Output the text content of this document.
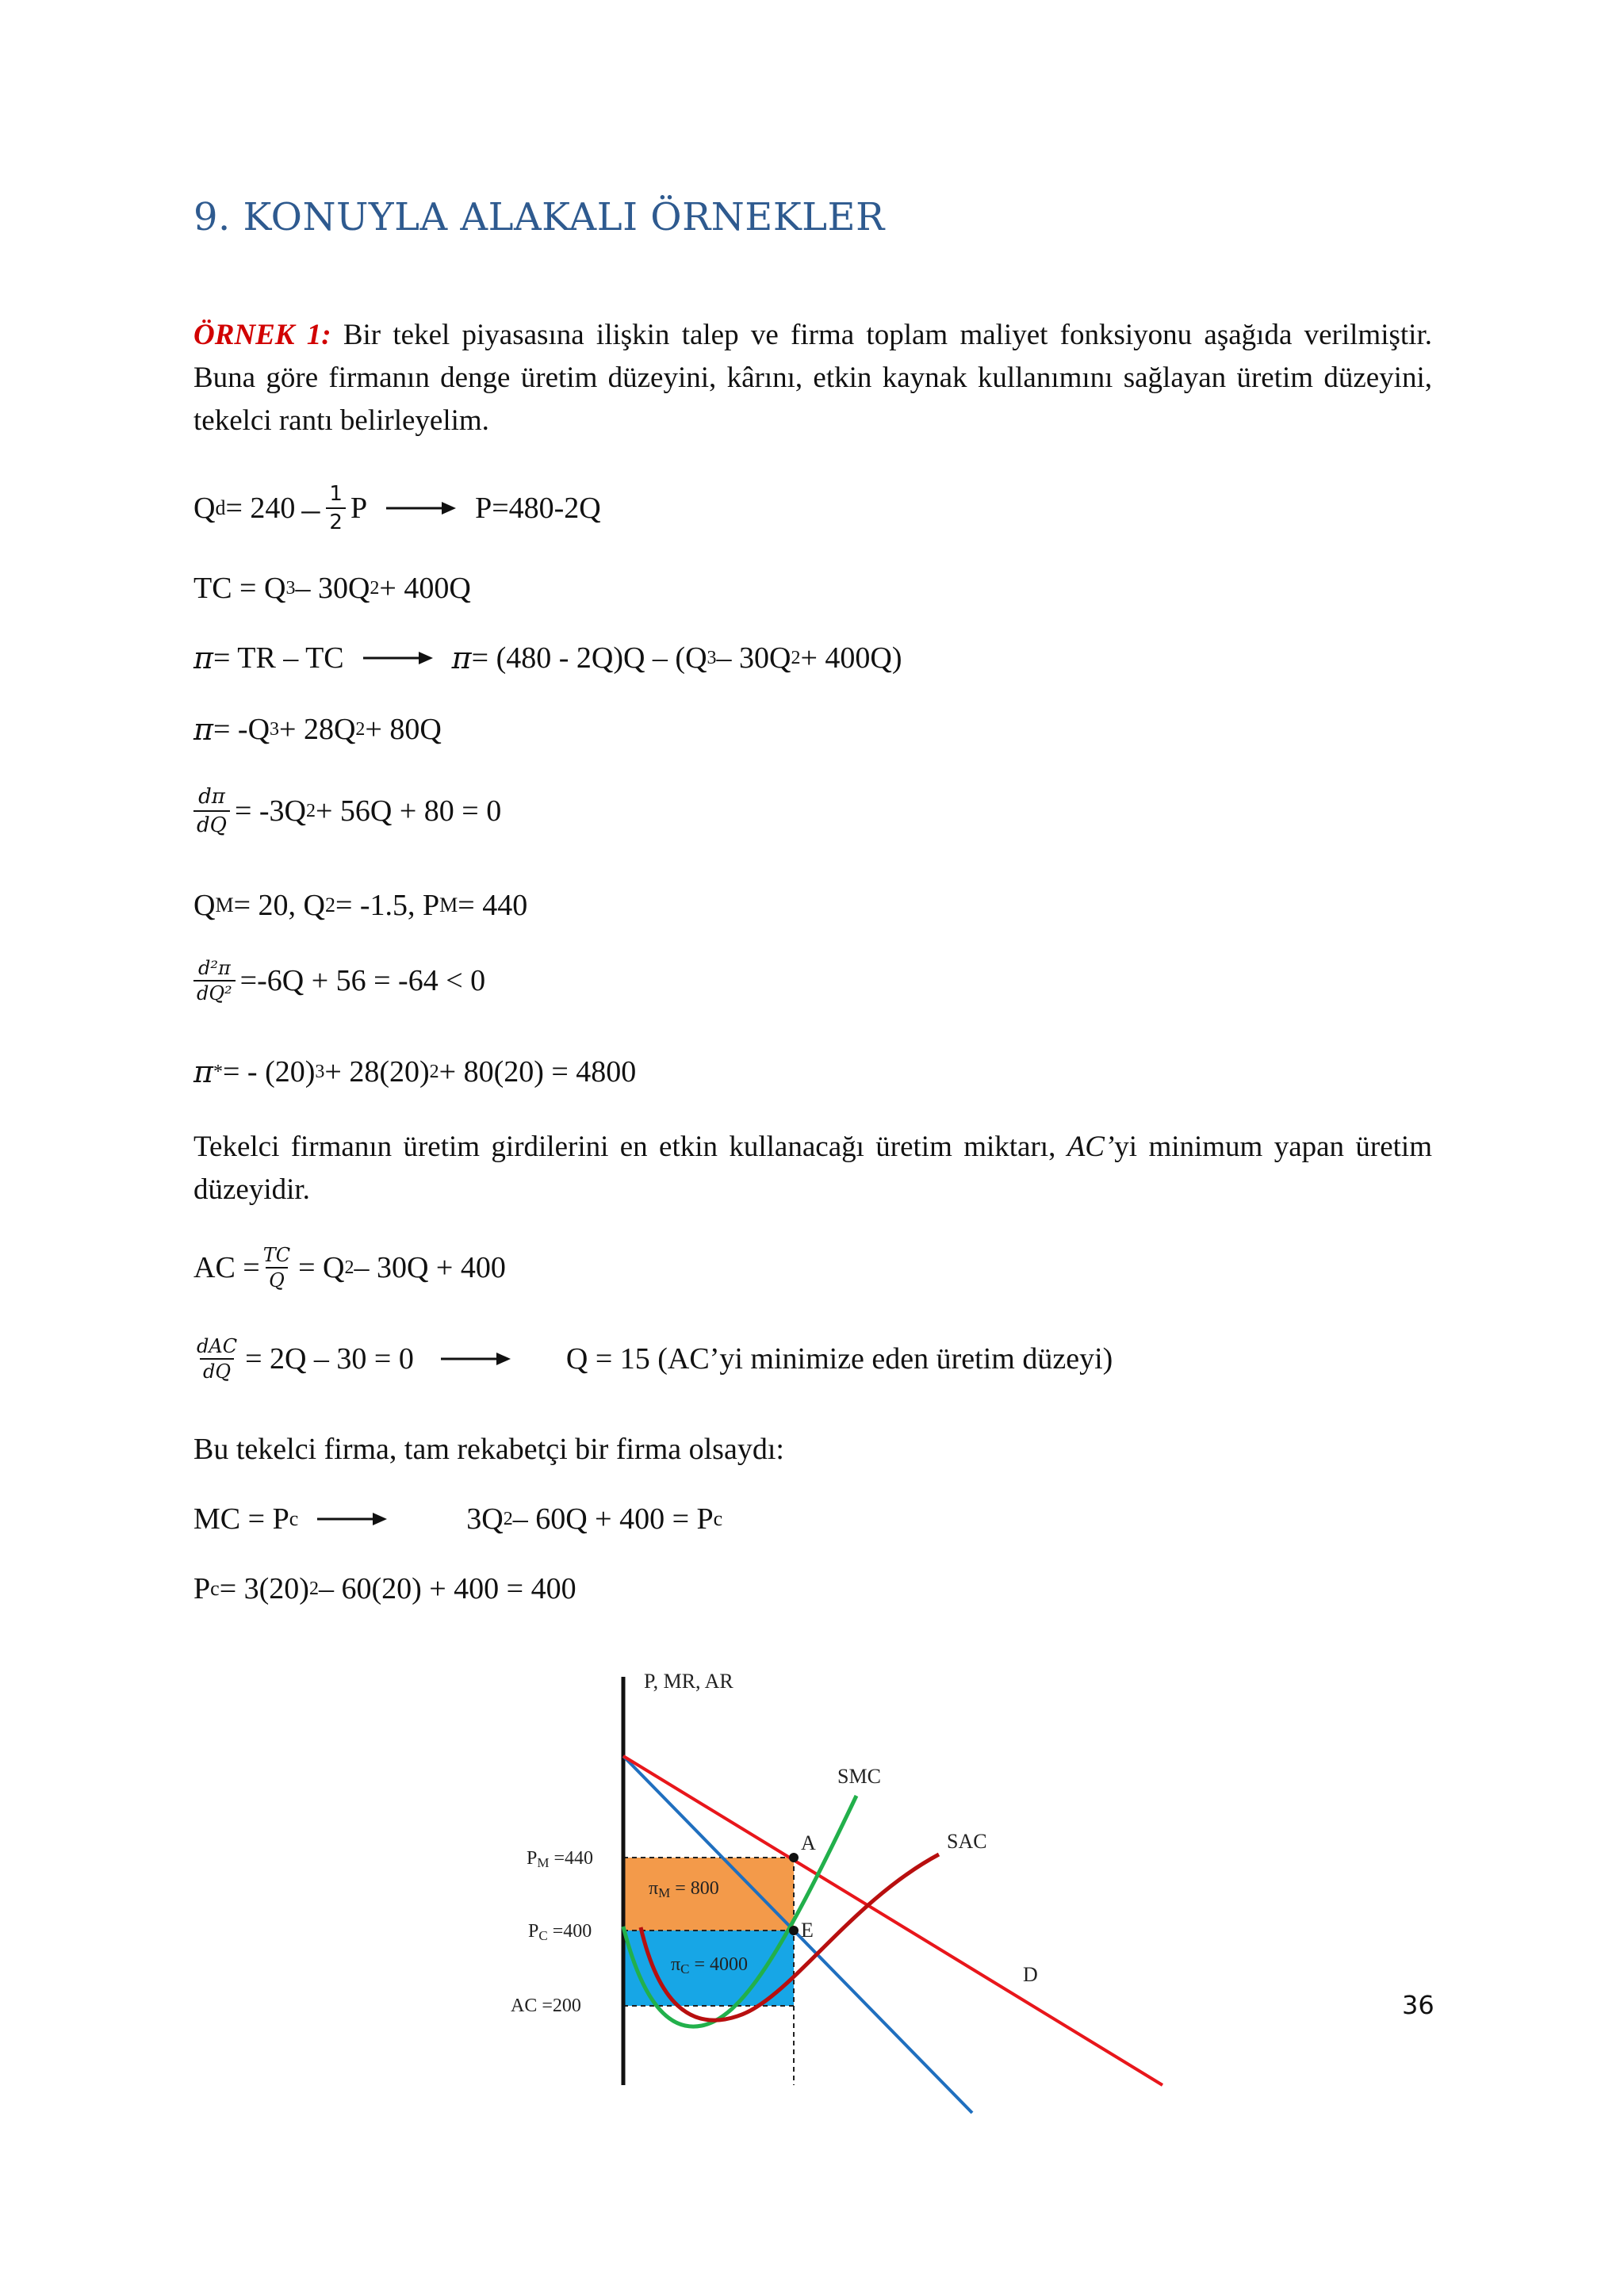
9. KONUYLA ALAKALI ÖRNEKLER
ÖRNEK 1: Bir tekel piyasasına ilişkin talep ve firma toplam maliyet fonksiyonu aşağıda verilmiştir. Buna göre firmanın denge üretim düzeyini, kârını, etkin kaynak kullanımını sağlayan üretim düzeyini, tekelci rantı belirleyelim.
Q $d = 240 - \frac{1}{2}$ P	P=480-2Q
TC = Q 3 – 30Q 2 + 400Q
π = TR – TC	π = (480 - 2Q)Q – (Q 3 – 30Q 2 + 400Q)
π = -Q 3 + 28Q 2 + 80Q
$\frac{d\pi}{dQ} = -3Q$ 2 + 56Q + 80 = 0
Q M = 20, Q 2 = -1.5, P M = 440
$\frac{\text{d²π}}{\text{dQ²}} =-6Q + 56 = -64 < 0$
π * = - (20) 3 + 28(20) 2 + 80(20) = 4800
Tekelci firmanın üretim girdilerini en etkin kullanacağı üretim miktarı, AC’yi minimum yapan üretim düzeyidir.
AC = $\frac{TC}{Q} = Q$ 2 – 30Q + 400
$\frac{\text{dAC}}{dQ} = 2Q - 30 = 0$	Q = 15 (AC’yi minimize eden üretim düzeyi)
Bu tekelci firma, tam rekabetçi bir firma olsaydı:
MC = P c	3Q 2 – 60Q + 400 = P c
P c = 3(20) 2 – 60(20) + 400 = 400
P, MR, AR
SMC
SAC
D
A
E
PM =440
PC =400
AC =200
πM = 800
πC = 4000
36
